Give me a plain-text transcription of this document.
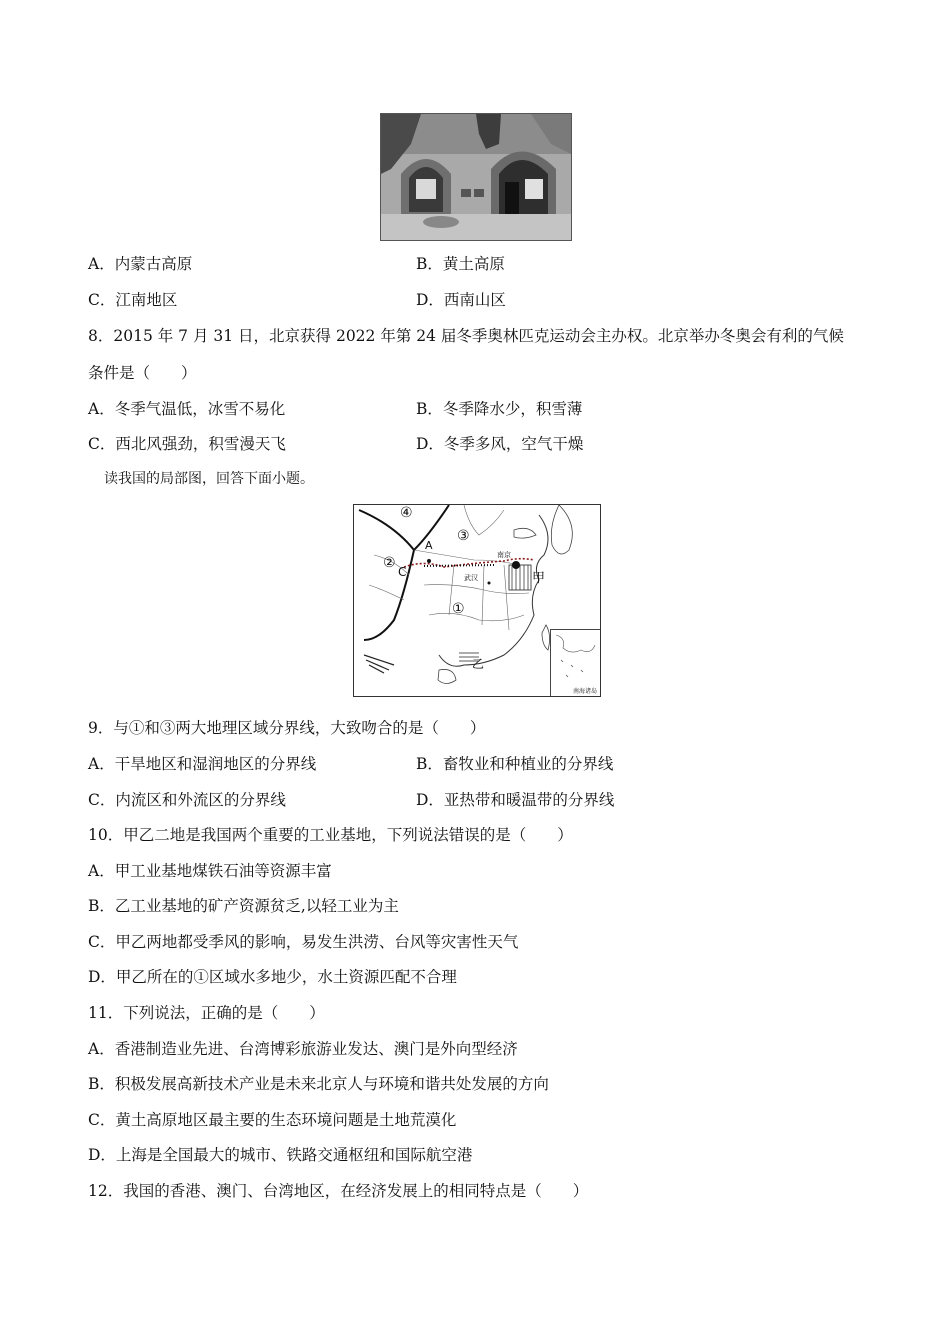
A．内蒙古高原	B．黄土高原
C．江南地区	D．西南山区
8．2015 年 7 月 31 日，北京获得 2022 年第 24 届冬季奥林匹克运动会主办权。北京举办冬奥会有利的气候
条件是（　　）
A．冬季气温低，冰雪不易化	B．冬季降水少，积雪薄
C．西北风强劲，积雪漫天飞	D．冬季多风，空气干燥
读我国的局部图，回答下面小题。
南海诸岛
④
③
②
①
A
C	甲
乙
南京
武汉
9．与①和③两大地理区域分界线，大致吻合的是（　　）
A．干旱地区和湿润地区的分界线	B．畜牧业和种植业的分界线
C．内流区和外流区的分界线	D．亚热带和暖温带的分界线
10．甲乙二地是我国两个重要的工业基地，下列说法错误的是（　　）
A．甲工业基地煤铁石油等资源丰富
B．乙工业基地的矿产资源贫乏,以轻工业为主
C．甲乙两地都受季风的影响，易发生洪涝、台风等灾害性天气
D．甲乙所在的①区域水多地少，水土资源匹配不合理
11．下列说法，正确的是（　　）
A．香港制造业先进、台湾博彩旅游业发达、澳门是外向型经济
B．积极发展高新技术产业是未来北京人与环境和谐共处发展的方向
C．黄土高原地区最主要的生态环境问题是土地荒漠化
D．上海是全国最大的城市、铁路交通枢纽和国际航空港
12．我国的香港、澳门、台湾地区，在经济发展上的相同特点是（　　）
